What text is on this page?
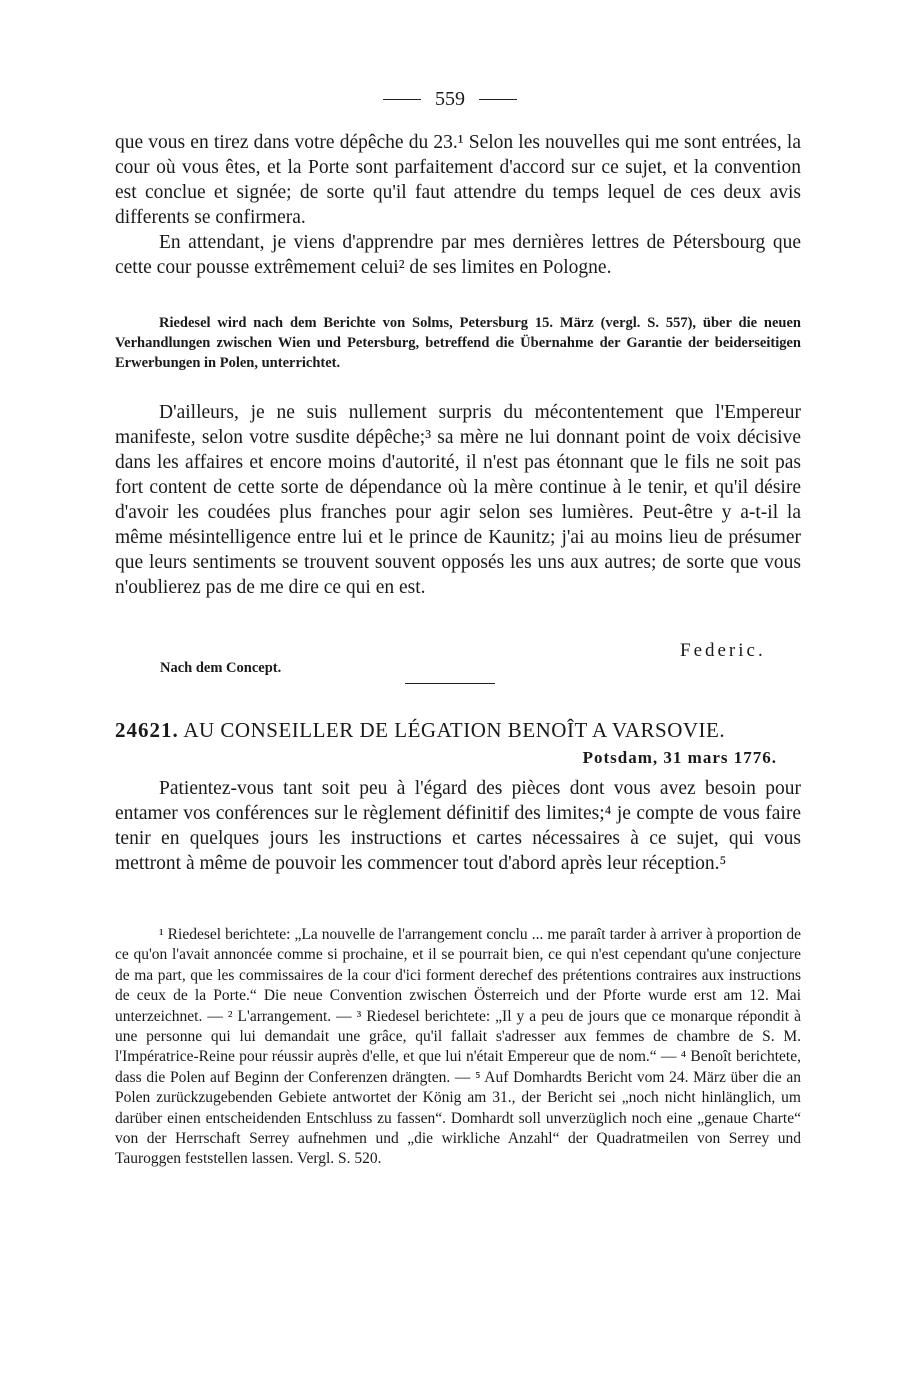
559

que vous en tirez dans votre dépêche du 23.¹ Selon les nouvelles qui me sont entrées, la cour où vous êtes, et la Porte sont parfaitement d'accord sur ce sujet, et la convention est conclue et signée; de sorte qu'il faut attendre du temps lequel de ces deux avis differents se confirmera.

En attendant, je viens d'apprendre par mes dernières lettres de Pétersbourg que cette cour pousse extrêmement celui² de ses limites en Pologne.

Riedesel wird nach dem Berichte von Solms, Petersburg 15. März (vergl. S. 557), über die neuen Verhandlungen zwischen Wien und Petersburg, betreffend die Übernahme der Garantie der beiderseitigen Erwerbungen in Polen, unterrichtet.

D'ailleurs, je ne suis nullement surpris du mécontentement que l'Empereur manifeste, selon votre susdite dépêche;³ sa mère ne lui donnant point de voix décisive dans les affaires et encore moins d'autorité, il n'est pas étonnant que le fils ne soit pas fort content de cette sorte de dépendance où la mère continue à le tenir, et qu'il désire d'avoir les coudées plus franches pour agir selon ses lumières. Peut-être y a-t-il la même mésintelligence entre lui et le prince de Kaunitz; j'ai au moins lieu de présumer que leurs sentiments se trouvent souvent opposés les uns aux autres; de sorte que vous n'oublierez pas de me dire ce qui en est.

Federic.
Nach dem Concept.
24621. AU CONSEILLER DE LÉGATION BENOÎT A VARSOVIE.
Potsdam, 31 mars 1776.

Patientez-vous tant soit peu à l'égard des pièces dont vous avez besoin pour entamer vos conférences sur le règlement définitif des limites;⁴ je compte de vous faire tenir en quelques jours les instructions et cartes nécessaires à ce sujet, qui vous mettront à même de pouvoir les commencer tout d'abord après leur réception.⁵

¹ Riedesel berichtete: „La nouvelle de l'arrangement conclu ... me paraît tarder à arriver à proportion de ce qu'on l'avait annoncée comme si prochaine, et il se pourrait bien, ce qui n'est cependant qu'une conjecture de ma part, que les commissaires de la cour d'ici forment derechef des prétentions contraires aux instructions de ceux de la Porte.“ Die neue Convention zwischen Österreich und der Pforte wurde erst am 12. Mai unterzeichnet. — ² L'arrangement. — ³ Riedesel berichtete: „Il y a peu de jours que ce monarque répondit à une personne qui lui demandait une grâce, qu'il fallait s'adresser aux femmes de chambre de S. M. l'Impératrice-Reine pour réussir auprès d'elle, et que lui n'était Empereur que de nom.“ — ⁴ Benoît berichtete, dass die Polen auf Beginn der Conferenzen drängten. — ⁵ Auf Domhardts Bericht vom 24. März über die an Polen zurückzugebenden Gebiete antwortet der König am 31., der Bericht sei „noch nicht hinlänglich, um darüber einen entscheidenden Entschluss zu fassen“. Domhardt soll unverzüglich noch eine „genaue Charte“ von der Herrschaft Serrey aufnehmen und „die wirkliche Anzahl“ der Quadratmeilen von Serrey und Tauroggen feststellen lassen. Vergl. S. 520.
